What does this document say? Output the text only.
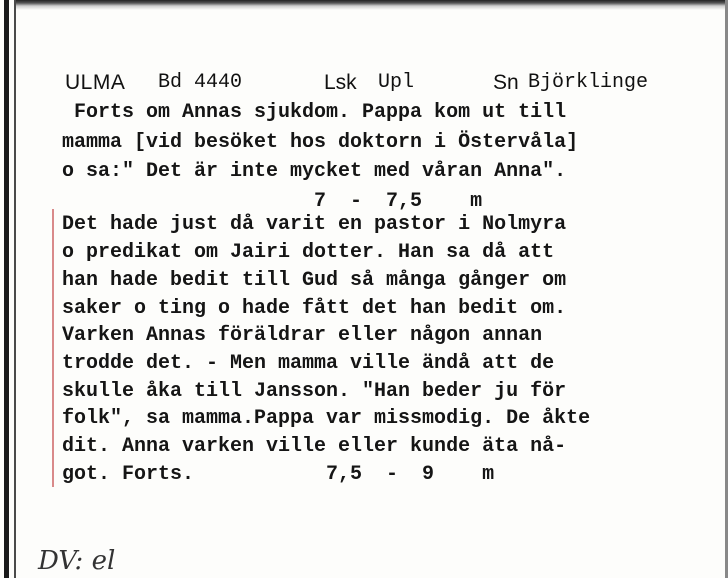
ULMA Bd 4440	Lsk Upl	Sn Björklinge
Forts om Annas sjukdom. Pappa kom ut till
mamma [vid besöket hos doktorn i Östervåla]
o sa:" Det är inte mycket med våran Anna".
7  -  7,5    m
Det hade just då varit en pastor i Nolmyra
o predikat om Jairi dotter. Han sa då att
han hade bedit till Gud så många gånger om
saker o ting o hade fått det han bedit om.
Varken Annas föräldrar eller någon annan
trodde det. - Men mamma ville ändå att de
skulle åka till Jansson. "Han beder ju för
folk", sa mamma.Pappa var missmodig. De åkte
dit. Anna varken ville eller kunde äta nå-
got. Forts.           7,5  -  9    m
DV: el
